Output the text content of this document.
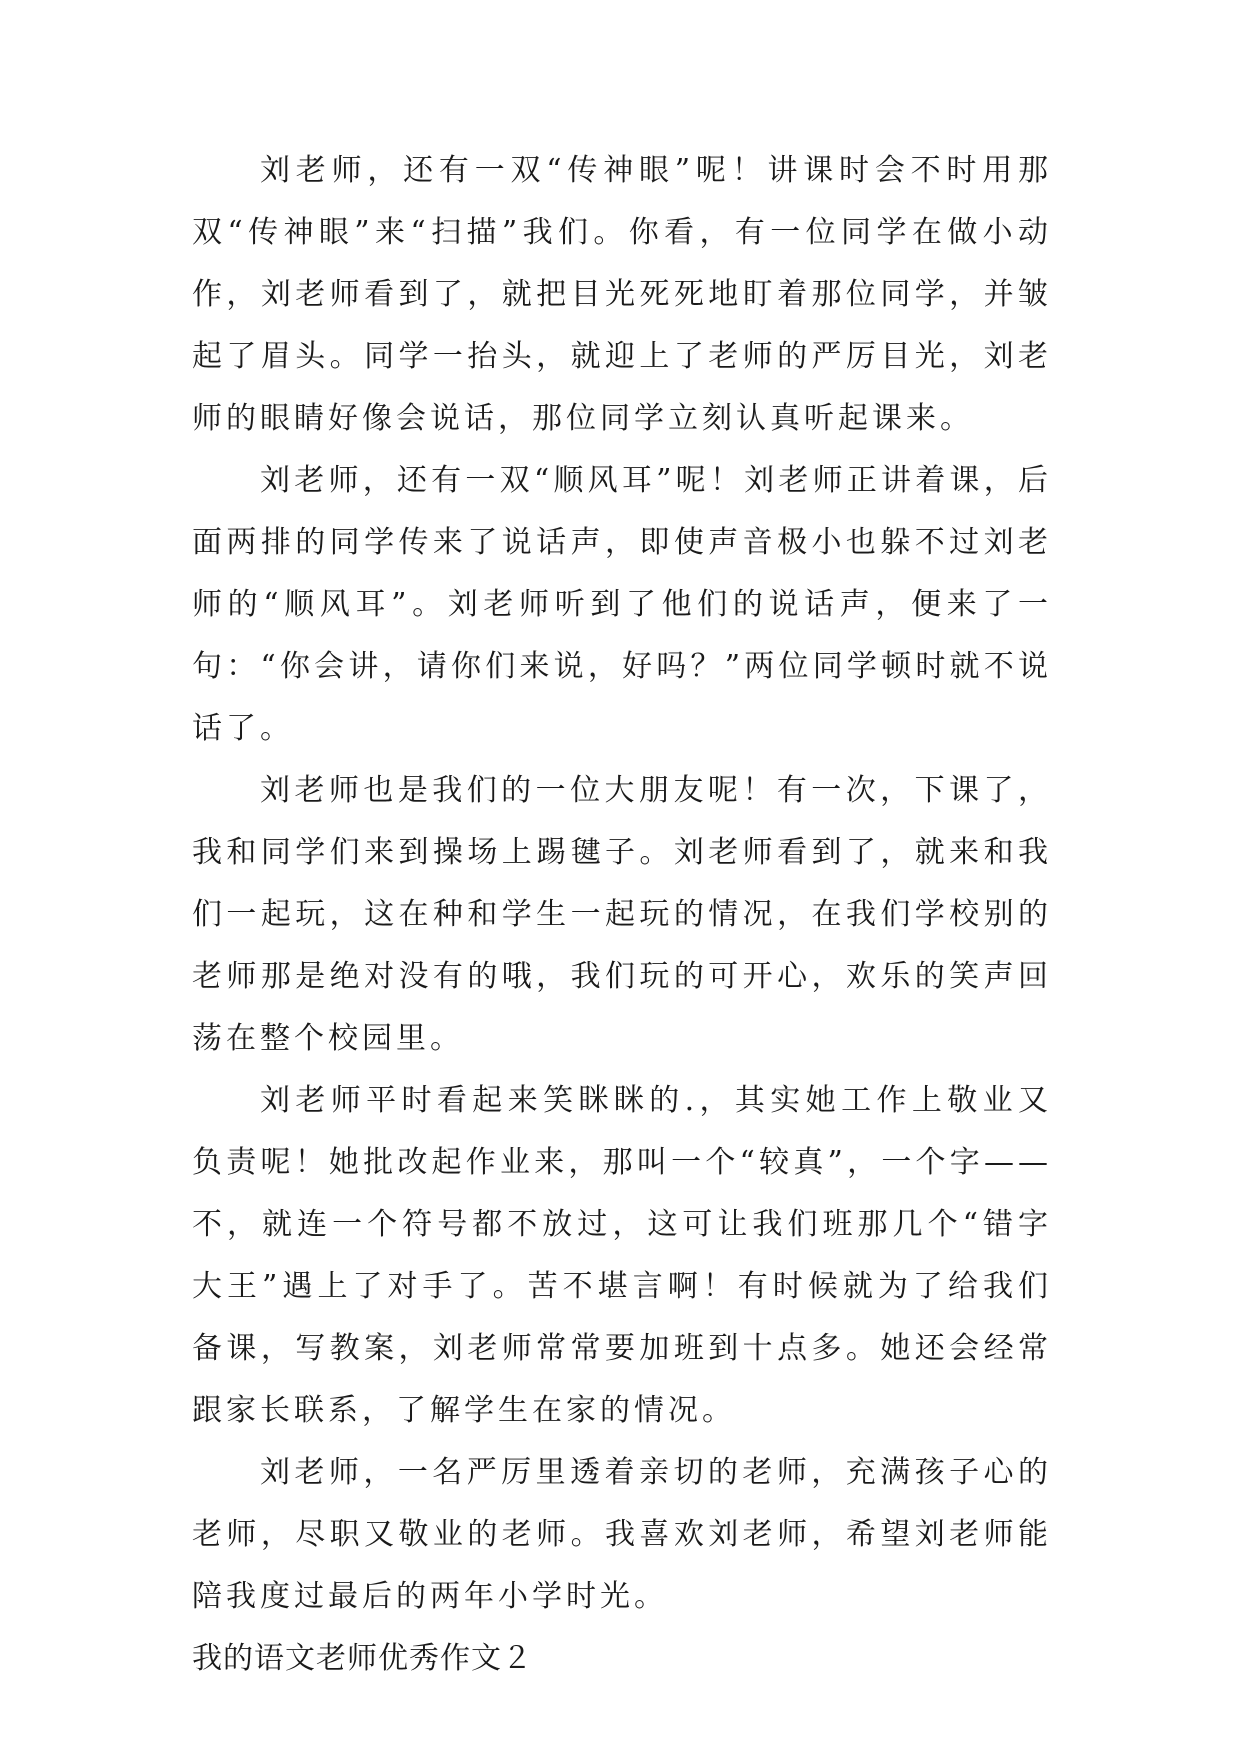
刘老师，还有一双“传神眼”呢！讲课时会不时用那双“传神眼”来“扫描”我们。你看，有一位同学在做小动作，刘老师看到了，就把目光死死地盯着那位同学，并皱起了眉头。同学一抬头，就迎上了老师的严厉目光，刘老师的眼睛好像会说话，那位同学立刻认真听起课来。

刘老师，还有一双“顺风耳”呢！刘老师正讲着课，后面两排的同学传来了说话声，即使声音极小也躲不过刘老师的“顺风耳”。刘老师听到了他们的说话声，便来了一句：“你会讲，请你们来说，好吗？”两位同学顿时就不说话了。

刘老师也是我们的一位大朋友呢！有一次，下课了，我和同学们来到操场上踢毽子。刘老师看到了，就来和我们一起玩，这在种和学生一起玩的情况，在我们学校别的老师那是绝对没有的哦，我们玩的可开心，欢乐的笑声回荡在整个校园里。

刘老师平时看起来笑眯眯的.，其实她工作上敬业又负责呢！她批改起作业来，那叫一个“较真”，一个字——不，就连一个符号都不放过，这可让我们班那几个“错字大王”遇上了对手了。苦不堪言啊！有时候就为了给我们备课，写教案，刘老师常常要加班到十点多。她还会经常跟家长联系，了解学生在家的情况。

刘老师，一名严厉里透着亲切的老师，充满孩子心的老师，尽职又敬业的老师。我喜欢刘老师，希望刘老师能陪我度过最后的两年小学时光。

我的语文老师优秀作文２
